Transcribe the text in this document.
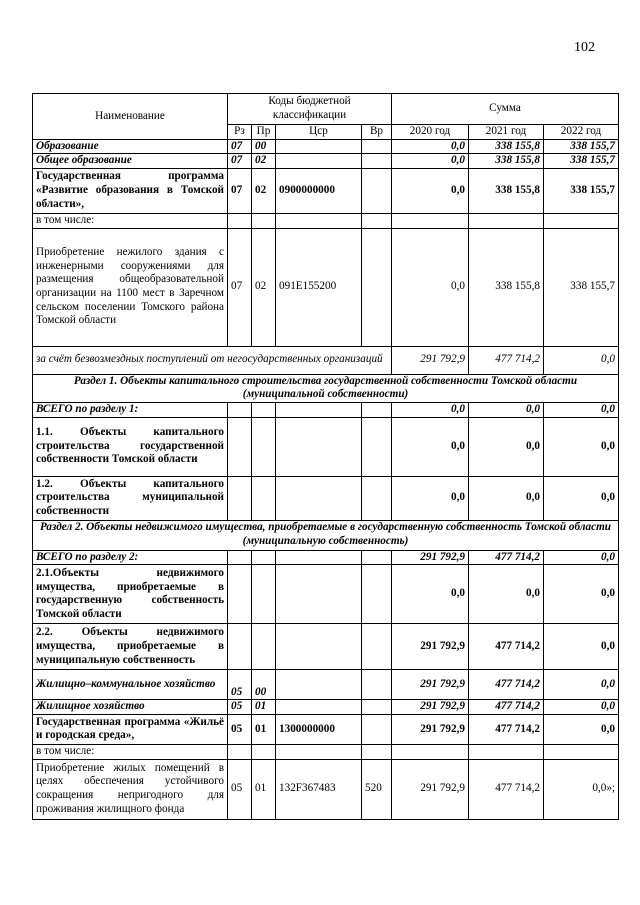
102
Наименование	Коды бюджетной классификации				Сумма		
	Рз	Пр	Цср	Вр	2020 год	2021 год	2022 год
Образование	07	00			0,0	338 155,8	338 155,7
Общее образование	07	02			0,0	338 155,8	338 155,7
Государственная программа «Развитие образования в Томской области»,	07	02	0900000000		0,0	338 155,8	338 155,7
в том числе:							
Приобретение нежилого здания с инженерными сооружениями для размещения общеобразовательной организации на 1100 мест в Заречном сельском поселении Томского района Томской области	07	02	091E155200		0,0	338 155,8	338 155,7
за счёт безвозмездных поступлений от негосударственных организаций					291 792,9	477 714,2	0,0
Раздел 1. Объекты капитального строительства государственной собственности Томской области (муниципальной собственности)							
ВСЕГО по разделу 1:					0,0	0,0	0,0
1.1. Объекты капитального строительства государственной собственности Томской области					0,0	0,0	0,0
1.2. Объекты капитального строительства муниципальной собственности					0,0	0,0	0,0
Раздел 2. Объекты недвижимого имущества, приобретаемые в государственную собственность Томской области (муниципальную собственность)							
ВСЕГО по разделу 2:					291 792,9	477 714,2	0,0
2.1.Объекты недвижимого имущества, приобретаемые в государственную собственность Томской области					0,0	0,0	0,0
2.2. Объекты недвижимого имущества, приобретаемые в муниципальную собственность					291 792,9	477 714,2	0,0
Жилищно–коммунальное хозяйство	05	00			291 792,9	477 714,2	0,0
Жилищное хозяйство	05	01			291 792,9	477 714,2	0,0
Государственная программа «Жильё и городская среда»,	05	01	1300000000		291 792,9	477 714,2	0,0
в том числе:							
Приобретение жилых помещений в целях обеспечения устойчивого сокращения непригодного для проживания жилищного фонда	05	01	132F367483	520	291 792,9	477 714,2	0,0»;
